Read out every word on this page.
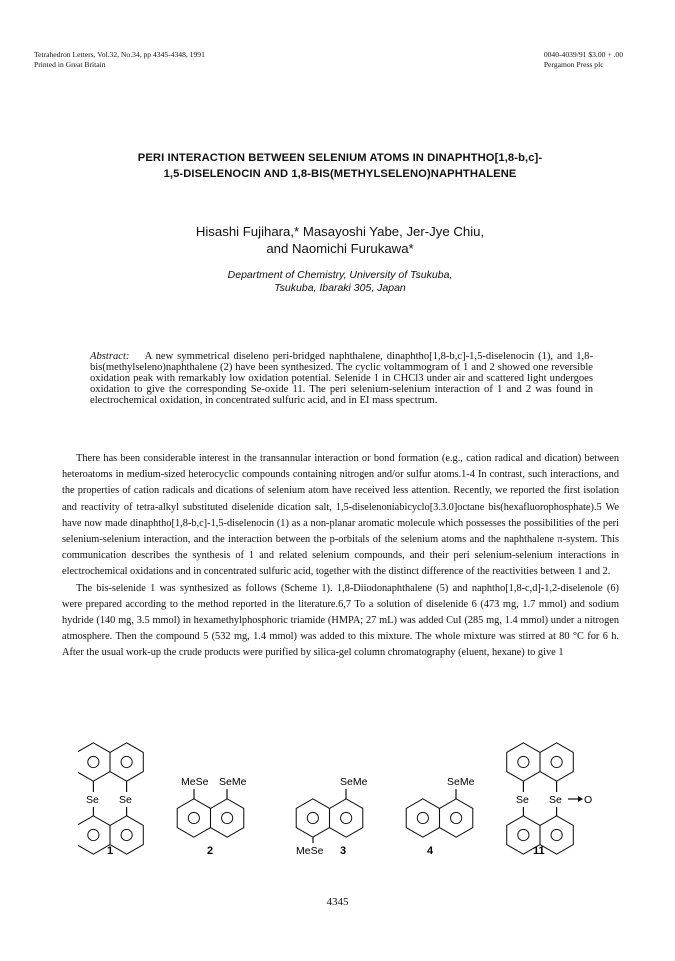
Tetrahedron Letters, Vol.32, No.34, pp 4345-4348, 1991
Printed in Great Britain
0040-4039/91 $3.00 + .00
Pergamon Press plc
PERI INTERACTION BETWEEN SELENIUM ATOMS IN DINAPHTHO[1,8-b,c]-
1,5-DISELENOCIN AND 1,8-BIS(METHYLSELENO)NAPHTHALENE
Hisashi Fujihara,* Masayoshi Yabe, Jer-Jye Chiu,
and Naomichi Furukawa*
Department of Chemistry, University of Tsukuba,
Tsukuba, Ibaraki 305, Japan
Abstract: A new symmetrical diseleno peri-bridged naphthalene, dinaphtho[1,8-b,c]-1,5-diselenocin (1), and 1,8-bis(methylseleno)naphthalene (2) have been synthesized. The cyclic voltammogram of 1 and 2 showed one reversible oxidation peak with remarkably low oxidation potential. Selenide 1 in CHCl3 under air and scattered light undergoes oxidation to give the corresponding Se-oxide 11. The peri selenium-selenium interaction of 1 and 2 was found in electrochemical oxidation, in concentrated sulfuric acid, and in EI mass spectrum.

There has been considerable interest in the transannular interaction or bond formation (e.g., cation radical and dication) between heteroatoms in medium-sized heterocyclic compounds containing nitrogen and/or sulfur atoms.1-4 In contrast, such interactions, and the properties of cation radicals and dications of selenium atom have received less attention. Recently, we reported the first isolation and reactivity of tetra-alkyl substituted diselenide dication salt, 1,5-diselenoniabicyclo[3.3.0]octane bis(hexafluorophosphate).5 We have now made dinaphtho[1,8-b,c]-1,5-diselenocin (1) as a non-planar aromatic molecule which possesses the possibilities of the peri selenium-selenium interaction, and the interaction between the p-orbitals of the selenium atoms and the naphthalene π-system. This communication describes the synthesis of 1 and related selenium compounds, and their peri selenium-selenium interactions in electrochemical oxidations and in concentrated sulfuric acid, together with the distinct difference of the reactivities between 1 and 2.

The bis-selenide 1 was synthesized as follows (Scheme 1). 1,8-Diiodonaphthalene (5) and naphtho[1,8-c,d]-1,2-diselenole (6) were prepared according to the method reported in the literature.6,7 To a solution of diselenide 6 (473 mg, 1.7 mmol) and sodium hydride (140 mg, 3.5 mmol) in hexamethylphosphoric triamide (HMPA; 27 mL) was added CuI (285 mg, 1.4 mmol) under a nitrogen atmosphere. Then the compound 5 (532 mg, 1.4 mmol) was added to this mixture. The whole mixture was stirred at 80 °C for 6 h. After the usual work-up the crude products were purified by silica-gel column chromatography (eluent, hexane) to give 1

Se Se
1
MeSe SeMe
2
SeMe
MeSe 3
SeMe
4
Se Se O
11
4345
